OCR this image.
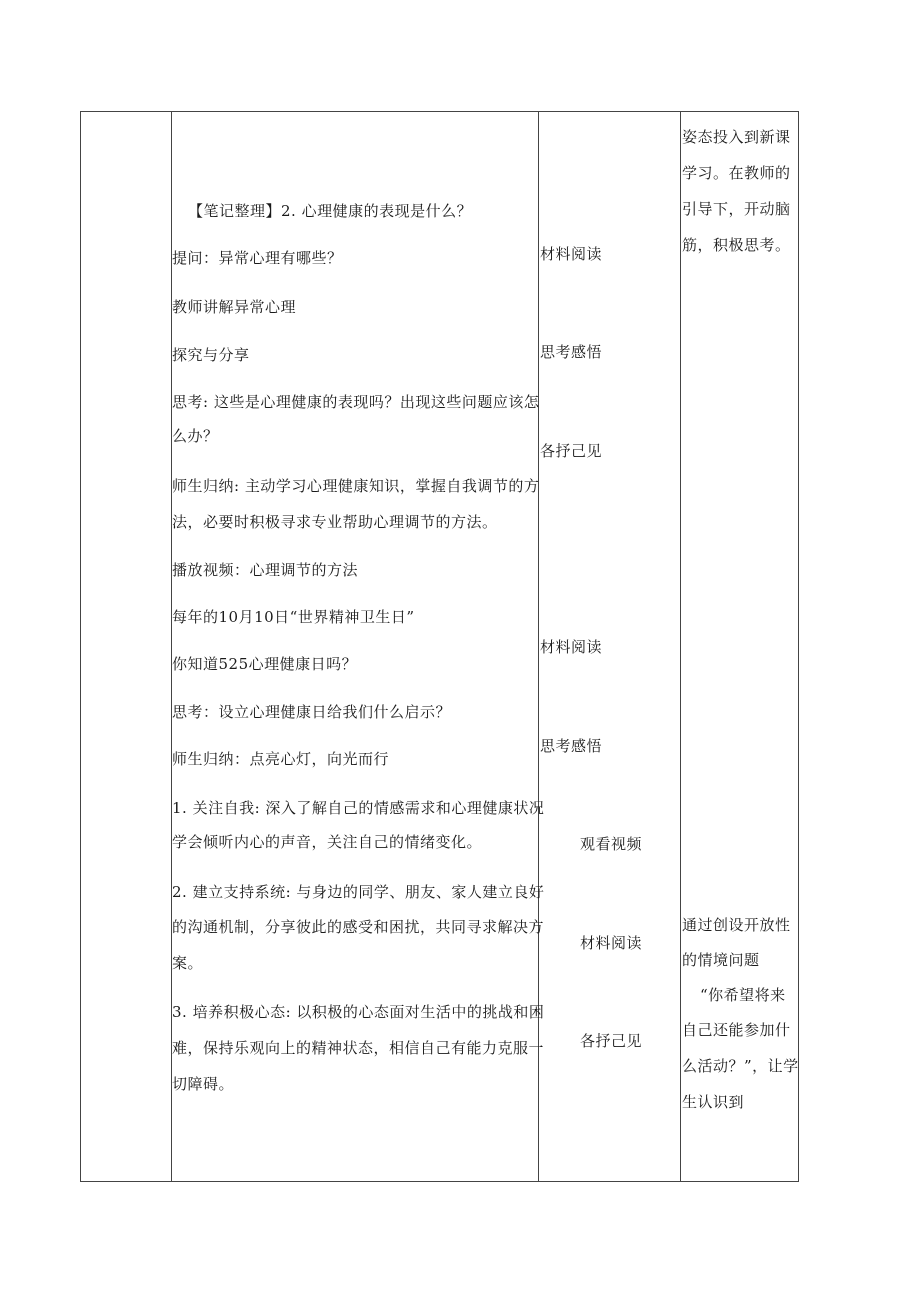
【笔记整理】2. 心理健康的表现是什么？
提问：异常心理有哪些？
教师讲解异常心理
探究与分享
思考: 这些是心理健康的表现吗？出现这些问题应该怎
么办？
师生归纳: 主动学习心理健康知识，掌握自我调节的方
法，必要时积极寻求专业帮助心理调节的方法。
播放视频：心理调节的方法
每年的10月10日“世界精神卫生日”
你知道525心理健康日吗？
思考：设立心理健康日给我们什么启示？
师生归纳：点亮心灯，向光而行
1. 关注自我: 深入了解自己的情感需求和心理健康状况
学会倾听内心的声音，关注自己的情绪变化。
2. 建立支持系统: 与身边的同学、朋友、家人建立良好
的沟通机制，分享彼此的感受和困扰，共同寻求解决方
案。
3. 培养积极心态: 以积极的心态面对生活中的挑战和困
难，保持乐观向上的精神状态，相信自己有能力克服一
切障碍。
材料阅读
思考感悟
各抒己见
材料阅读
思考感悟
观看视频
材料阅读
各抒己见
姿态投入到新课
学习。在教师的
引导下，开动脑
筋，积极思考。
通过创设开放性
的情境问题
“你希望将来
自己还能参加什
么活动？”，让学
生认识到
